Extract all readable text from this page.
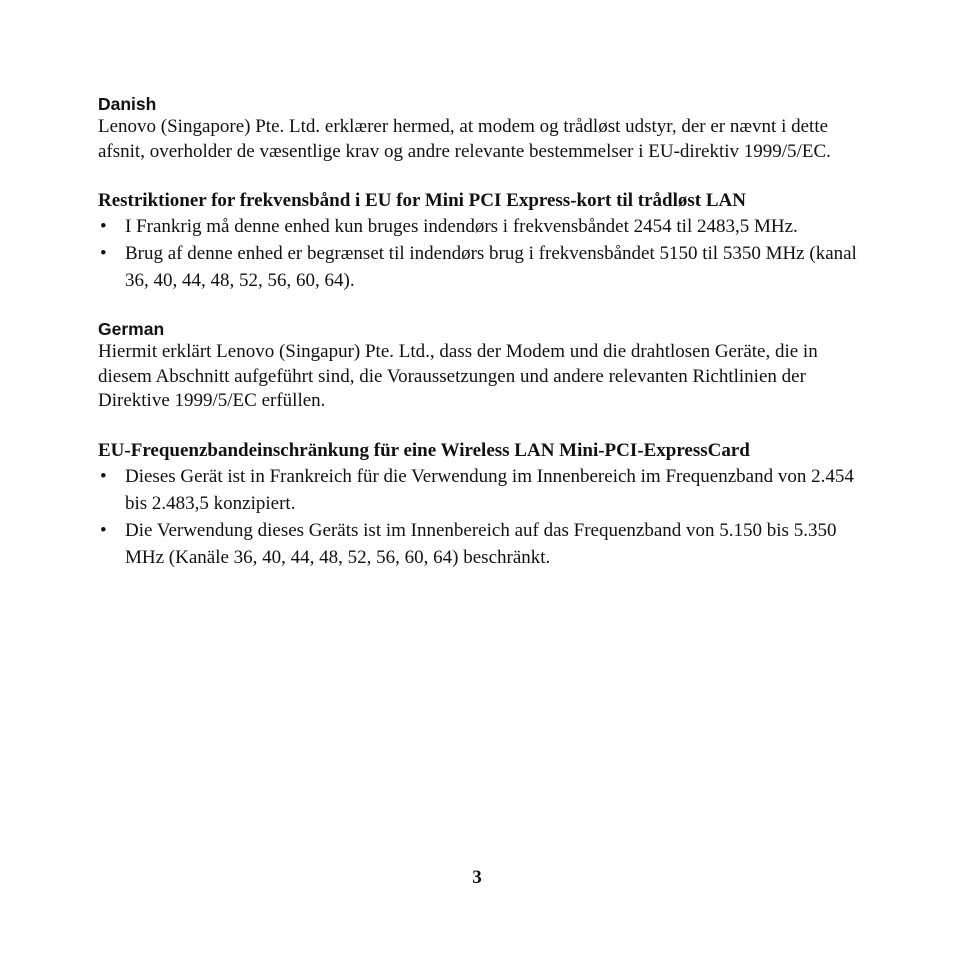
Danish

Lenovo (Singapore) Pte. Ltd. erklærer hermed, at modem og trådløst udstyr, der er nævnt i dette afsnit, overholder de væsentlige krav og andre relevante bestemmelser i EU-direktiv 1999/5/EC.

Restriktioner for frekvensbånd i EU for Mini PCI Express-kort til trådløst LAN
• I Frankrig må denne enhed kun bruges indendørs i frekvensbåndet 2454 til 2483,5 MHz.
• Brug af denne enhed er begrænset til indendørs brug i frekvensbåndet 5150 til 5350 MHz (kanal 36, 40, 44, 48, 52, 56, 60, 64).
German

Hiermit erklärt Lenovo (Singapur) Pte. Ltd., dass der Modem und die drahtlosen Geräte, die in diesem Abschnitt aufgeführt sind, die Voraussetzungen und andere relevanten Richtlinien der Direktive 1999/5/EC erfüllen.

EU-Frequenzbandeinschränkung für eine Wireless LAN Mini-PCI-ExpressCard
• Dieses Gerät ist in Frankreich für die Verwendung im Innenbereich im Frequenzband von 2.454 bis 2.483,5 konzipiert.
• Die Verwendung dieses Geräts ist im Innenbereich auf das Frequenzband von 5.150 bis 5.350 MHz (Kanäle 36, 40, 44, 48, 52, 56, 60, 64) beschränkt.

3
